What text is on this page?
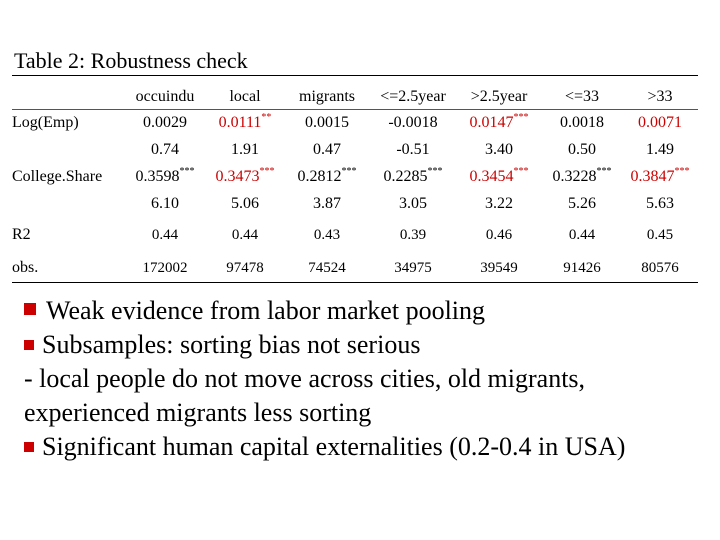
Table 2: Robustness check
	occuindu	local	migrants	<=2.5year	>2.5year	<=33	>33
Log(Emp)	0.0029	0.0111**	0.0015	-0.0018	0.0147***	0.0018	0.0071
	0.74	1.91	0.47	-0.51	3.40	0.50	1.49
College.Share	0.3598***	0.3473***	0.2812***	0.2285***	0.3454***	0.3228***	0.3847***
	6.10	5.06	3.87	3.05	3.22	5.26	5.63
R2	0.44	0.44	0.43	0.39	0.46	0.44	0.45
obs.	172002	97478	74524	34975	39549	91426	80576
Weak evidence from labor market pooling
Subsamples: sorting bias not serious
- local people do not move across cities, old migrants, experienced migrants less sorting
Significant human capital externalities (0.2-0.4 in USA)
